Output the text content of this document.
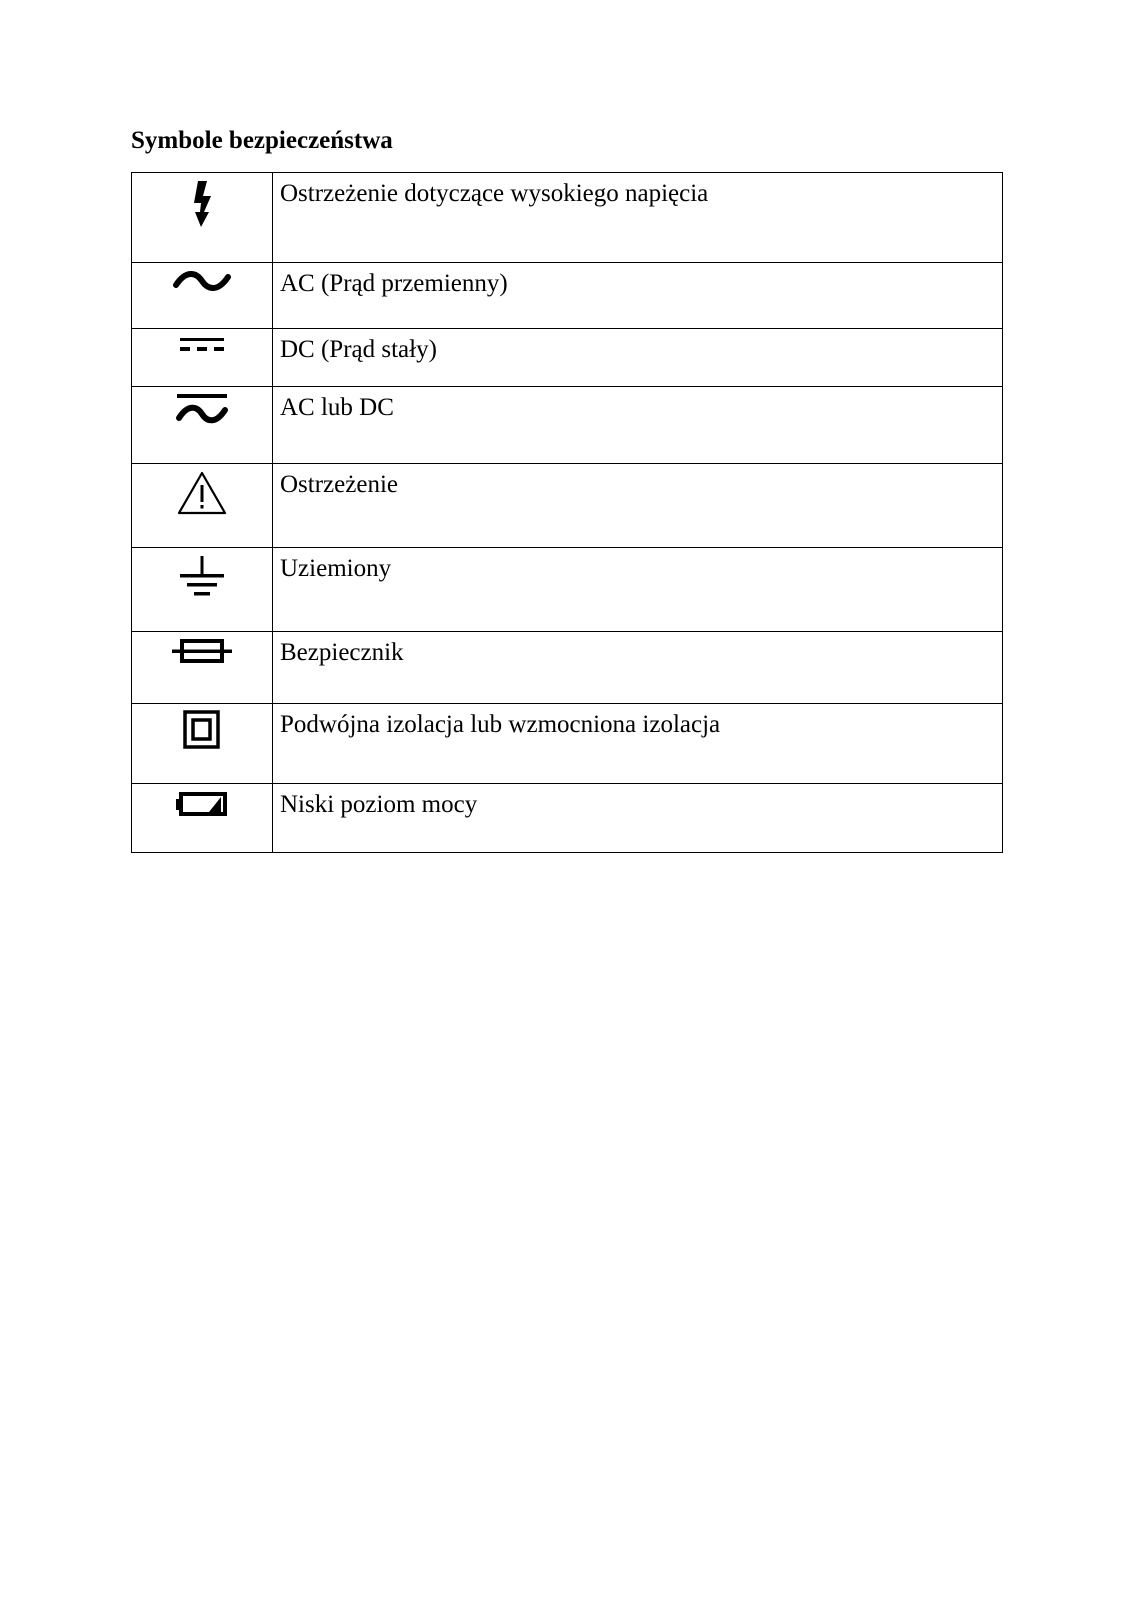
Symbole bezpieczeństwa
	Ostrzeżenie dotyczące wysokiego napięcia

	AC (Prąd przemienny)

	DC (Prąd stały)

	AC lub DC

	Ostrzeżenie

	Uziemiony

	Bezpiecznik

	Podwójna izolacja lub wzmocniona izolacja

	Niski poziom mocy
